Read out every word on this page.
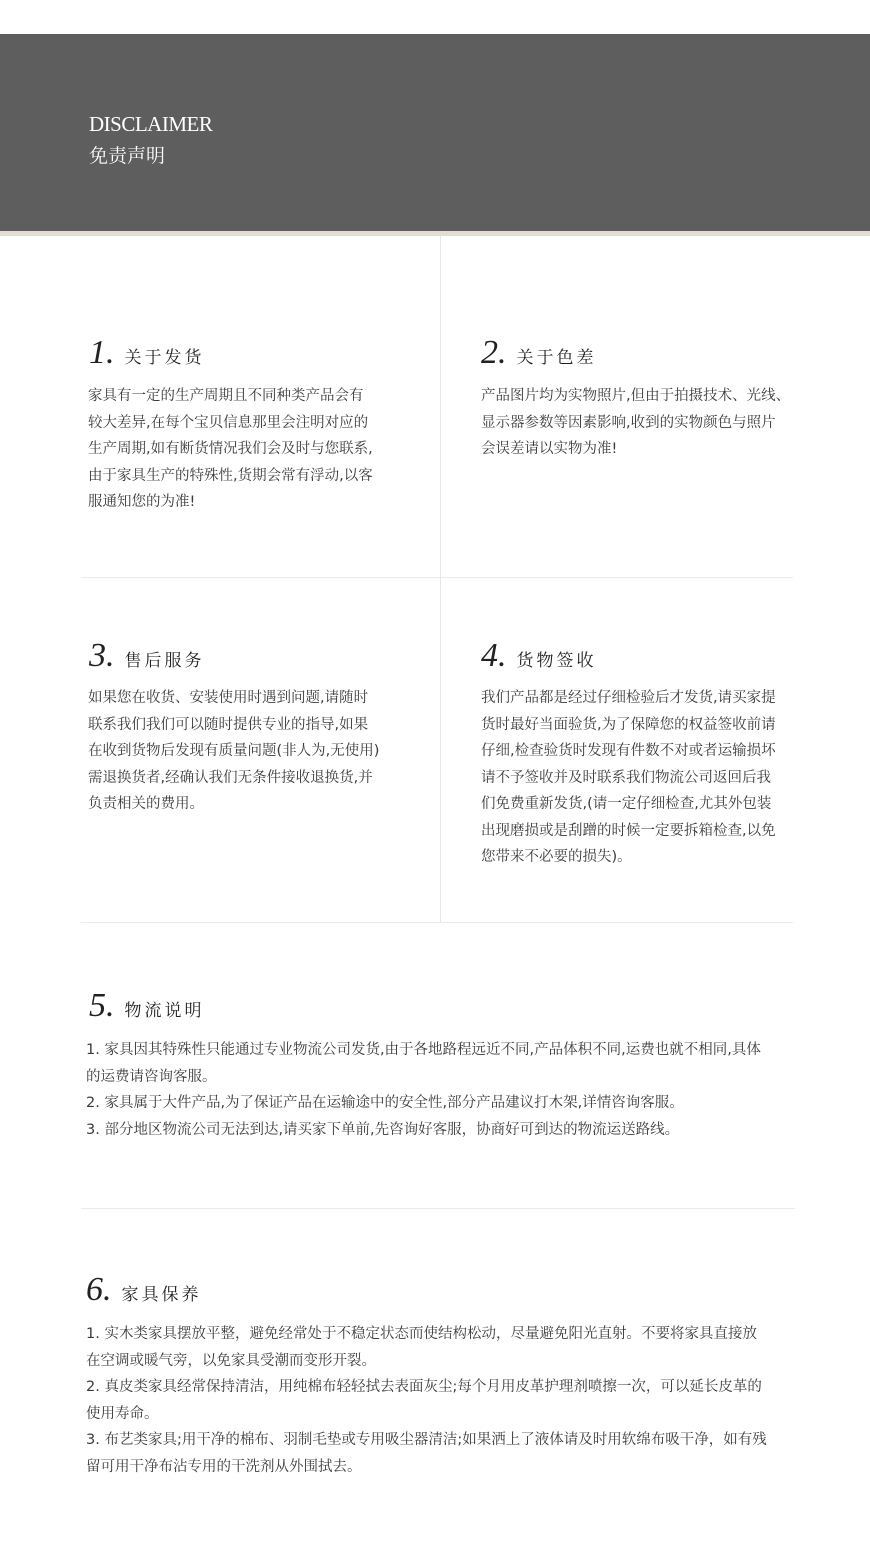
DISCLAIMER
免责声明
1. 关于发货
家具有一定的生产周期且不同种类产品会有
较大差异,在每个宝贝信息那里会注明对应的
生产周期,如有断货情况我们会及时与您联系,
由于家具生产的特殊性,货期会常有浮动,以客
服通知您的为准!
2. 关于色差
产品图片均为实物照片,但由于拍摄技术、光线、
显示器参数等因素影响,收到的实物颜色与照片
会误差请以实物为准!
3. 售后服务
如果您在收货、安装使用时遇到问题,请随时
联系我们我们可以随时提供专业的指导,如果
在收到货物后发现有质量问题(非人为,无使用)
需退换货者,经确认我们无条件接收退换货,并
负责相关的费用。
4. 货物签收
我们产品都是经过仔细检验后才发货,请买家提
货时最好当面验货,为了保障您的权益签收前请
仔细,检查验货时发现有件数不对或者运输损坏
请不予签收并及时联系我们物流公司返回后我
们免费重新发货,(请一定仔细检查,尤其外包装
出现磨损或是刮蹭的时候一定要拆箱检查,以免
您带来不必要的损失)。
5. 物流说明
1. 家具因其特殊性只能通过专业物流公司发货,由于各地路程远近不同,产品体积不同,运费也就不相同,具体
的运费请咨询客服。
2. 家具属于大件产品,为了保证产品在运输途中的安全性,部分产品建议打木架,详情咨询客服。
3. 部分地区物流公司无法到达,请买家下单前,先咨询好客服，协商好可到达的物流运送路线。
6. 家具保养
1. 实木类家具摆放平整，避免经常处于不稳定状态而使结构松动，尽量避免阳光直射。不要将家具直接放
在空调或暖气旁，以免家具受潮而变形开裂。
2. 真皮类家具经常保持清洁，用纯棉布轻轻拭去表面灰尘;每个月用皮革护理剂喷擦一次，可以延长皮革的
使用寿命。
3. 布艺类家具;用干净的棉布、羽制毛垫或专用吸尘器清洁;如果洒上了液体请及时用软绵布吸干净，如有残
留可用干净布沾专用的干洗剂从外围拭去。
